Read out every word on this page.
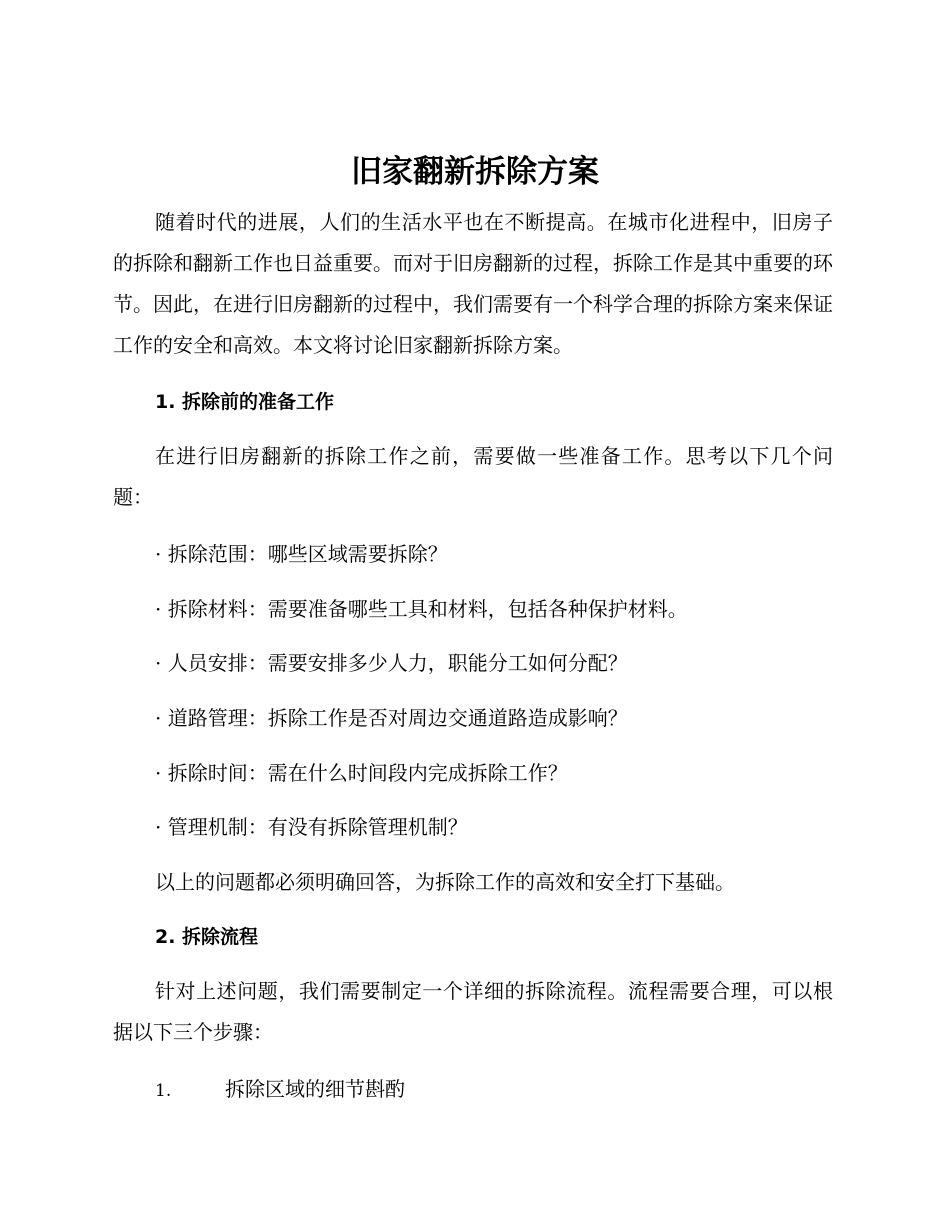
旧家翻新拆除方案

随着时代的进展，人们的生活水平也在不断提高。在城市化进程中，旧房子的拆除和翻新工作也日益重要。而对于旧房翻新的过程，拆除工作是其中重要的环节。因此，在进行旧房翻新的过程中，我们需要有一个科学合理的拆除方案来保证工作的安全和高效。本文将讨论旧家翻新拆除方案。

1. 拆除前的准备工作

在进行旧房翻新的拆除工作之前，需要做一些准备工作。思考以下几个问题：

· 拆除范围：哪些区域需要拆除？

· 拆除材料：需要准备哪些工具和材料，包括各种保护材料。

· 人员安排：需要安排多少人力，职能分工如何分配？

· 道路管理：拆除工作是否对周边交通道路造成影响？

· 拆除时间：需在什么时间段内完成拆除工作？

· 管理机制：有没有拆除管理机制？

以上的问题都必须明确回答，为拆除工作的高效和安全打下基础。

2. 拆除流程

针对上述问题，我们需要制定一个详细的拆除流程。流程需要合理，可以根据以下三个步骤：

1.	拆除区域的细节斟酌
